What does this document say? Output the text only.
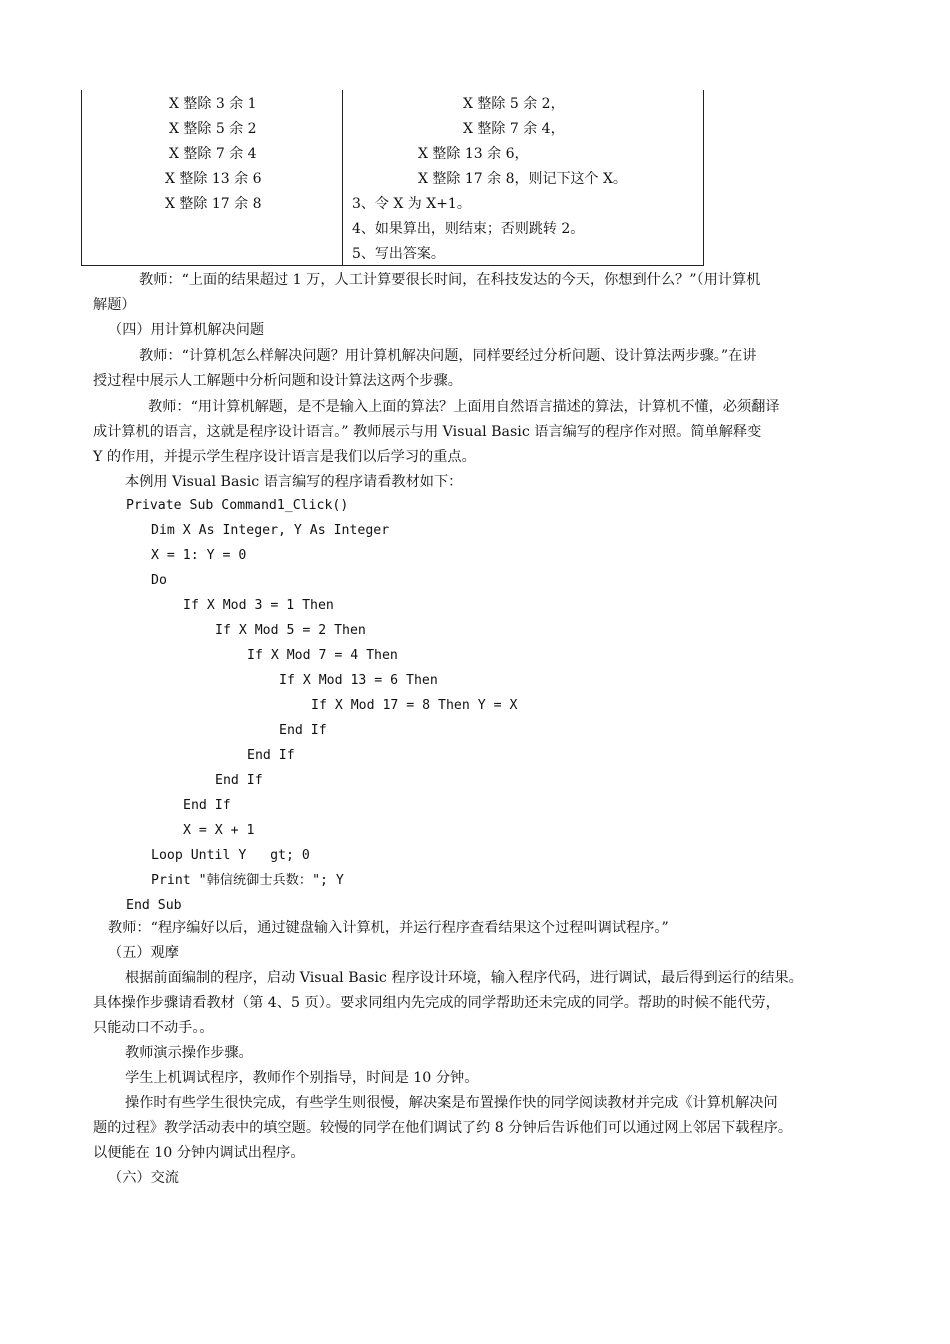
X 整除 3 余 1
X 整除 5 余 2
X 整除 7 余 4
X 整除 13 余 6
X 整除 17 余 8
X 整除 5 余 2，
X 整除 7 余 4，
X 整除 13 余 6，
X 整除 17 余 8，则记下这个 X。
3、令 X 为 X+1。
4、如果算出，则结束；否则跳转 2。
5、写出答案。
教师：“上面的结果超过 1 万，人工计算要很长时间，在科技发达的今天，你想到什么？”（用计算机
解题）
（四）用计算机解决问题
教师：“计算机怎么样解决问题？用计算机解决问题，同样要经过分析问题、设计算法两步骤。”在讲
授过程中展示人工解题中分析问题和设计算法这两个步骤。
教师：“用计算机解题，是不是输入上面的算法？上面用自然语言描述的算法，计算机不懂，必须翻译
成计算机的语言，这就是程序设计语言。” 教师展示与用 Visual Basic 语言编写的程序作对照。简单解释变
Y 的作用，并提示学生程序设计语言是我们以后学习的重点。
本例用 Visual Basic 语言编写的程序请看教材如下：
Private Sub Command1_Click()
Dim X As Integer, Y As Integer
X = 1: Y = 0
Do
If X Mod 3 = 1 Then
If X Mod 5 = 2 Then
If X Mod 7 = 4 Then
If X Mod 13 = 6 Then
If X Mod 17 = 8 Then Y = X
End If
End If
End If
End If
X = X + 1
Loop Until Y   gt; 0
Print "韩信统御士兵数："; Y
End Sub
教师：“程序编好以后，通过键盘输入计算机，并运行程序查看结果这个过程叫调试程序。”
（五）观摩
根据前面编制的程序，启动 Visual Basic 程序设计环境，输入程序代码，进行调试，最后得到运行的结果。
具体操作步骤请看教材（第 4、5 页）。要求同组内先完成的同学帮助还未完成的同学。帮助的时候不能代劳，
只能动口不动手。。
教师演示操作步骤。
学生上机调试程序，教师作个别指导，时间是 10 分钟。
操作时有些学生很快完成，有些学生则很慢，解决案是布置操作快的同学阅读教材并完成《计算机解决问
题的过程》教学活动表中的填空题。较慢的同学在他们调试了约 8 分钟后告诉他们可以通过网上邻居下载程序。
以便能在 10 分钟内调试出程序。
（六）交流
